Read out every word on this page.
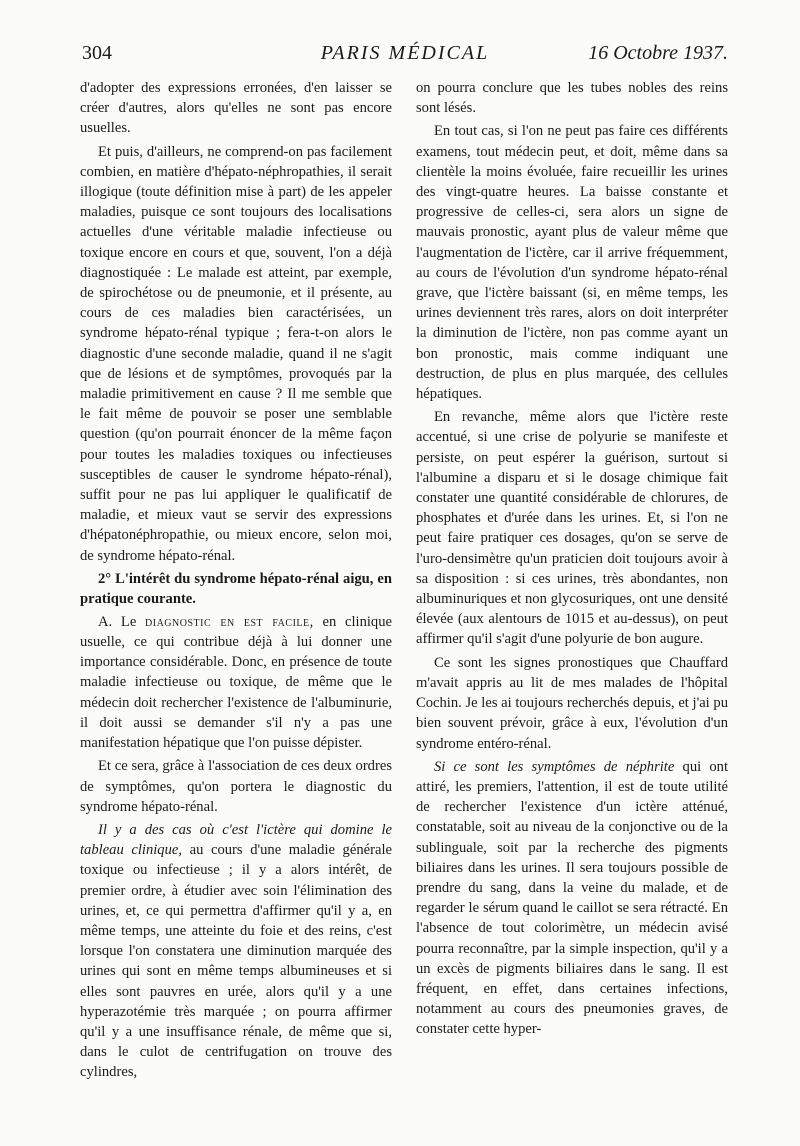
304	PARIS MÉDICAL	16 Octobre 1937.

d'adopter des expressions erronées, d'en laisser se créer d'autres, alors qu'elles ne sont pas encore usuelles.

Et puis, d'ailleurs, ne comprend-on pas facilement combien, en matière d'hépato-néphropathies, il serait illogique (toute définition mise à part) de les appeler maladies, puisque ce sont toujours des localisations actuelles d'une véritable maladie infectieuse ou toxique encore en cours et que, souvent, l'on a déjà diagnostiquée : Le malade est atteint, par exemple, de spirochétose ou de pneumonie, et il présente, au cours de ces maladies bien caractérisées, un syndrome hépato-rénal typique ; fera-t-on alors le diagnostic d'une seconde maladie, quand il ne s'agit que de lésions et de symptômes, provoqués par la maladie primitivement en cause ? Il me semble que le fait même de pouvoir se poser une semblable question (qu'on pourrait énoncer de la même façon pour toutes les maladies toxiques ou infectieuses susceptibles de causer le syndrome hépato-rénal), suffit pour ne pas lui appliquer le qualificatif de maladie, et mieux vaut se servir des expressions d'hépatonéphropathie, ou mieux encore, selon moi, de syndrome hépato-rénal.

2° L'intérêt du syndrome hépato-rénal aigu, en pratique courante.

A. Le diagnostic en est facile, en clinique usuelle, ce qui contribue déjà à lui donner une importance considérable. Donc, en présence de toute maladie infectieuse ou toxique, de même que le médecin doit rechercher l'existence de l'albuminurie, il doit aussi se demander s'il n'y a pas une manifestation hépatique que l'on puisse dépister.

Et ce sera, grâce à l'association de ces deux ordres de symptômes, qu'on portera le diagnostic du syndrome hépato-rénal.

Il y a des cas où c'est l'ictère qui domine le tableau clinique, au cours d'une maladie générale toxique ou infectieuse ; il y a alors intérêt, de premier ordre, à étudier avec soin l'élimination des urines, et, ce qui permettra d'affirmer qu'il y a, en même temps, une atteinte du foie et des reins, c'est lorsque l'on constatera une diminution marquée des urines qui sont en même temps albumineuses et si elles sont pauvres en urée, alors qu'il y a une hyperazotémie très marquée ; on pourra affirmer qu'il y a une insuffisance rénale, de même que si, dans le culot de centrifugation on trouve des cylindres,

on pourra conclure que les tubes nobles des reins sont lésés.

En tout cas, si l'on ne peut pas faire ces différents examens, tout médecin peut, et doit, même dans sa clientèle la moins évoluée, faire recueillir les urines des vingt-quatre heures. La baisse constante et progressive de celles-ci, sera alors un signe de mauvais pronostic, ayant plus de valeur même que l'augmentation de l'ictère, car il arrive fréquemment, au cours de l'évolution d'un syndrome hépato-rénal grave, que l'ictère baissant (si, en même temps, les urines deviennent très rares, alors on doit interpréter la diminution de l'ictère, non pas comme ayant un bon pronostic, mais comme indiquant une destruction, de plus en plus marquée, des cellules hépatiques.

En revanche, même alors que l'ictère reste accentué, si une crise de polyurie se manifeste et persiste, on peut espérer la guérison, surtout si l'albumine a disparu et si le dosage chimique fait constater une quantité considérable de chlorures, de phosphates et d'urée dans les urines. Et, si l'on ne peut faire pratiquer ces dosages, qu'on se serve de l'uro-densimètre qu'un praticien doit toujours avoir à sa disposition : si ces urines, très abondantes, non albuminuriques et non glycosuriques, ont une densité élevée (aux alentours de 1015 et au-dessus), on peut affirmer qu'il s'agit d'une polyurie de bon augure.

Ce sont les signes pronostiques que Chauffard m'avait appris au lit de mes malades de l'hôpital Cochin. Je les ai toujours recherchés depuis, et j'ai pu bien souvent prévoir, grâce à eux, l'évolution d'un syndrome entéro-rénal.

Si ce sont les symptômes de néphrite qui ont attiré, les premiers, l'attention, il est de toute utilité de rechercher l'existence d'un ictère atténué, constatable, soit au niveau de la conjonctive ou de la sublinguale, soit par la recherche des pigments biliaires dans les urines. Il sera toujours possible de prendre du sang, dans la veine du malade, et de regarder le sérum quand le caillot se sera rétracté. En l'absence de tout colorimètre, un médecin avisé pourra reconnaître, par la simple inspection, qu'il y a un excès de pigments biliaires dans le sang. Il est fréquent, en effet, dans certaines infections, notamment au cours des pneumonies graves, de constater cette hyper-
